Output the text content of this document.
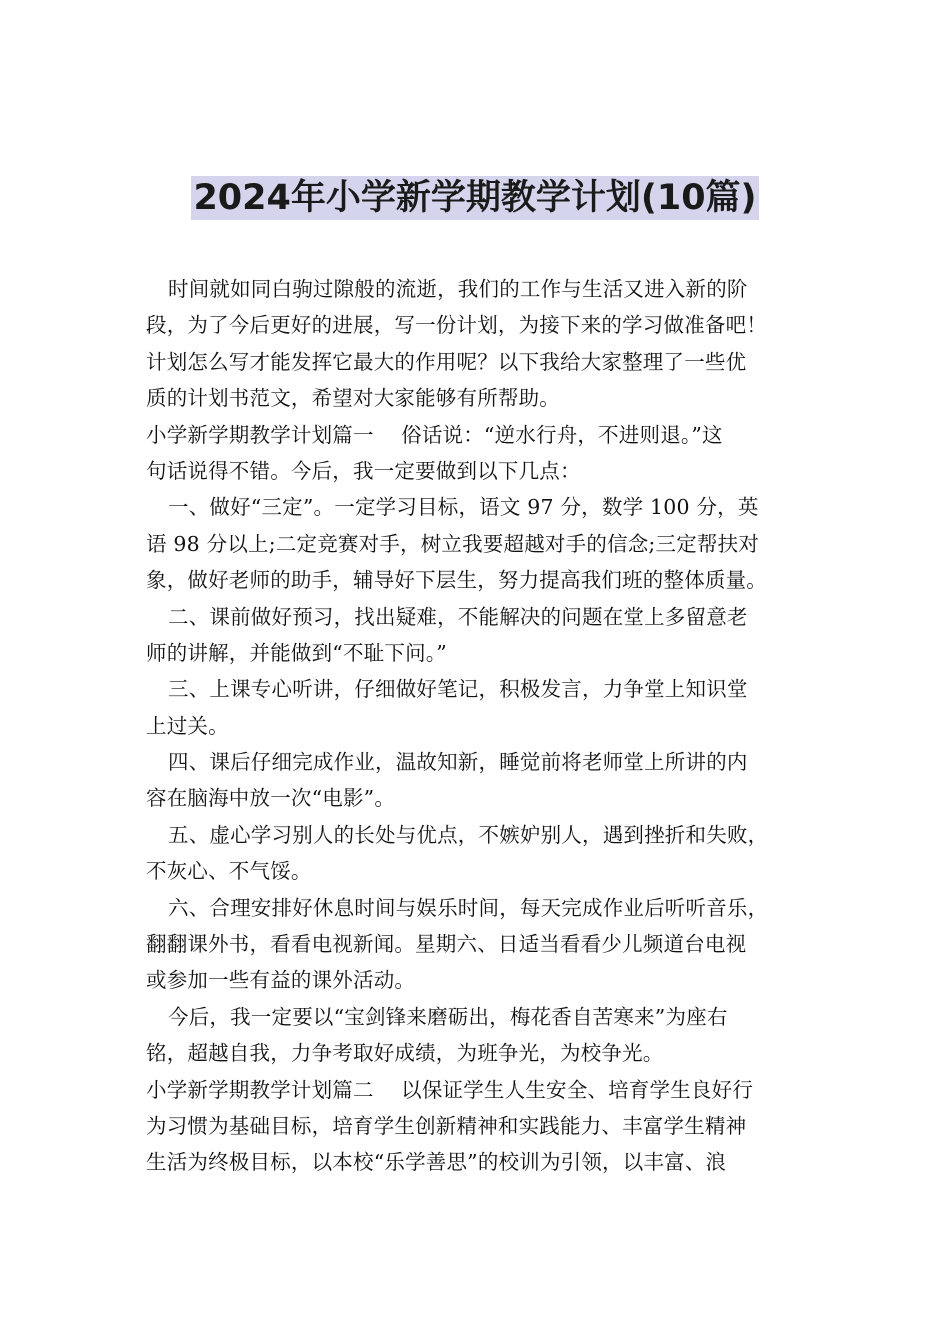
2024年小学新学期教学计划(10篇)
时间就如同白驹过隙般的流逝，我们的工作与生活又进入新的阶
段，为了今后更好的进展，写一份计划，为接下来的学习做准备吧！
计划怎么写才能发挥它最大的作用呢？以下我给大家整理了一些优
质的计划书范文，希望对大家能够有所帮助。
小学新学期教学计划篇一　 俗话说：“逆水行舟，不进则退。”这
句话说得不错。今后，我一定要做到以下几点：
一、做好“三定”。一定学习目标，语文 97 分，数学 100 分，英
语 98 分以上;二定竞赛对手，树立我要超越对手的信念;三定帮扶对
象，做好老师的助手，辅导好下层生，努力提高我们班的整体质量。
二、课前做好预习，找出疑难，不能解决的问题在堂上多留意老
师的讲解，并能做到“不耻下问。”
三、上课专心听讲，仔细做好笔记，积极发言，力争堂上知识堂
上过关。
四、课后仔细完成作业，温故知新，睡觉前将老师堂上所讲的内
容在脑海中放一次“电影”。
五、虚心学习别人的长处与优点，不嫉妒别人，遇到挫折和失败，
不灰心、不气馁。
六、合理安排好休息时间与娱乐时间，每天完成作业后听听音乐，
翻翻课外书，看看电视新闻。星期六、日适当看看少儿频道台电视
或参加一些有益的课外活动。
今后，我一定要以“宝剑锋来磨砺出，梅花香自苦寒来”为座右
铭，超越自我，力争考取好成绩，为班争光，为校争光。
小学新学期教学计划篇二　 以保证学生人生安全、培育学生良好行
为习惯为基础目标，培育学生创新精神和实践能力、丰富学生精神
生活为终极目标，以本校“乐学善思”的校训为引领，以丰富、浪
